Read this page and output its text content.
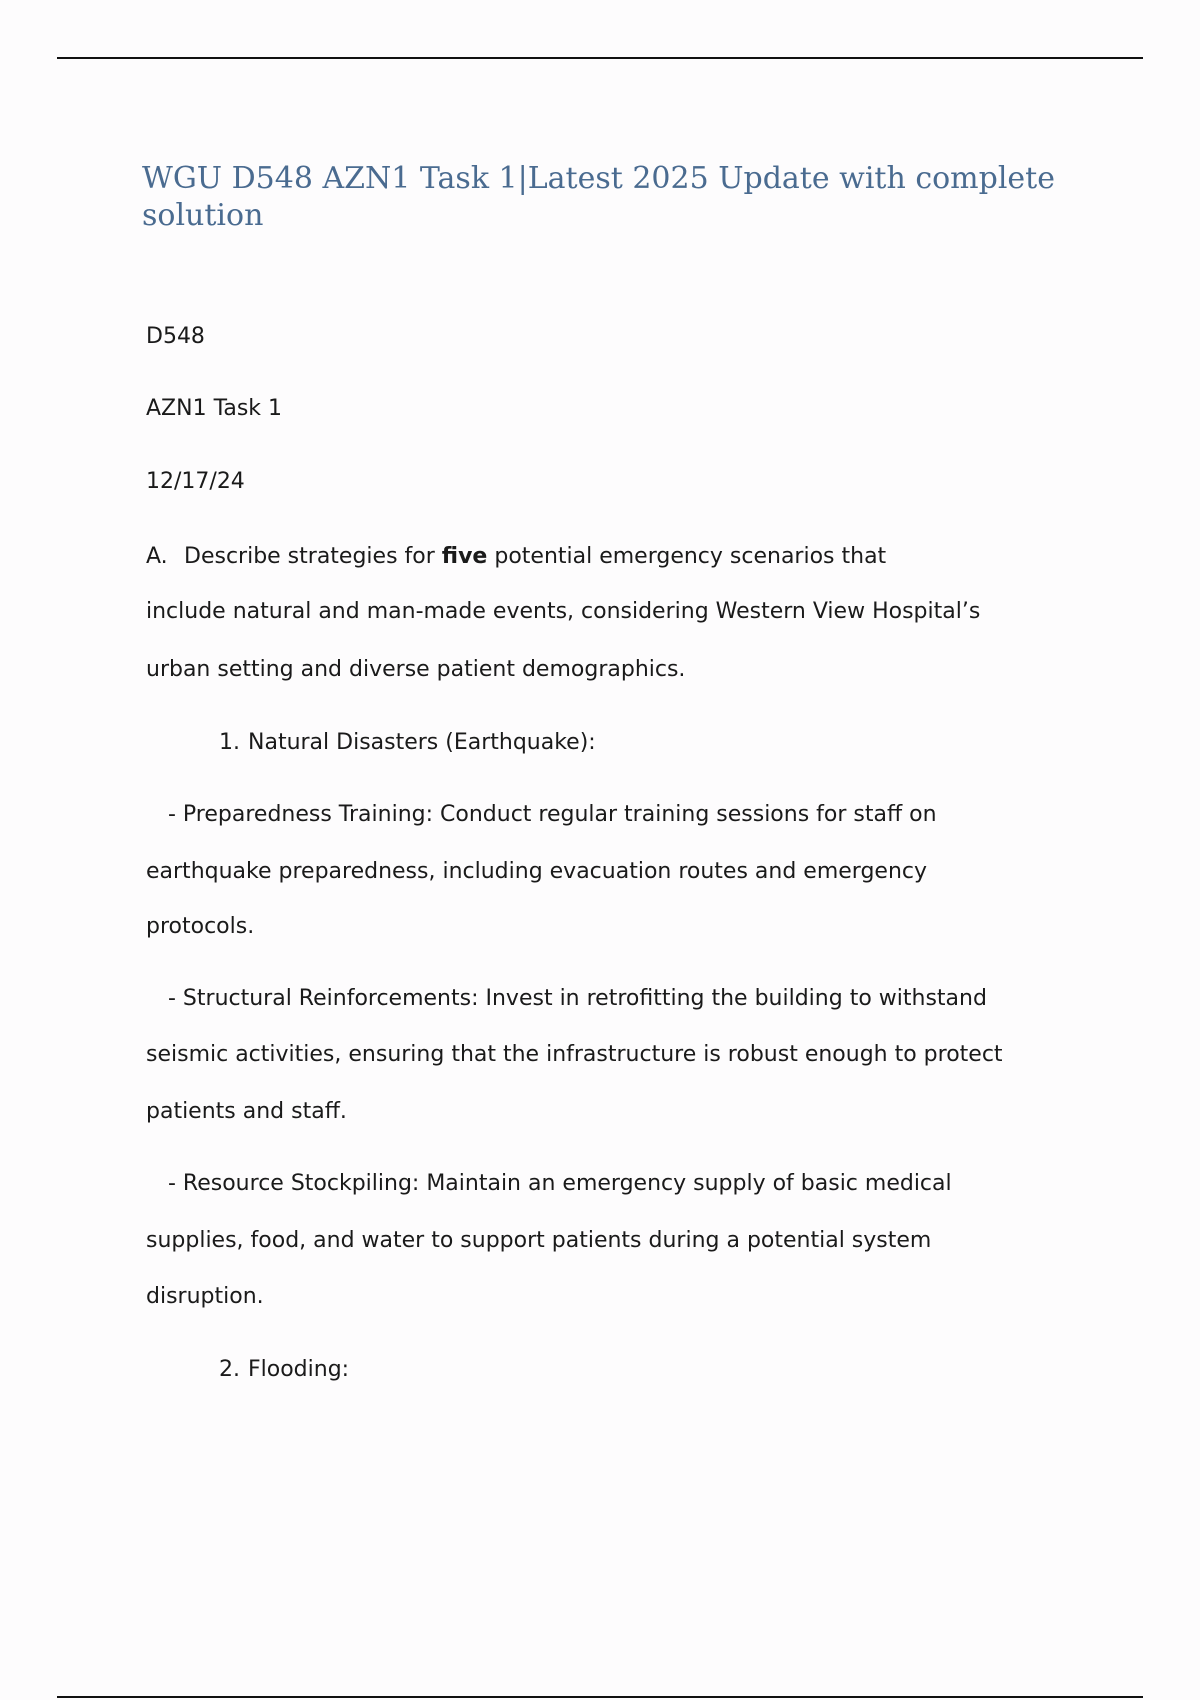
WGU D548 AZN1 Task 1|Latest 2025 Update with complete solution

D548

AZN1 Task 1

12/17/24

A. Describe strategies for five potential emergency scenarios that

include natural and man-made events, considering Western View Hospital’s

urban setting and diverse patient demographics.

1. Natural Disasters (Earthquake):

- Preparedness Training: Conduct regular training sessions for staff on

earthquake preparedness, including evacuation routes and emergency

protocols.

- Structural Reinforcements: Invest in retrofitting the building to withstand

seismic activities, ensuring that the infrastructure is robust enough to protect

patients and staff.

- Resource Stockpiling: Maintain an emergency supply of basic medical

supplies, food, and water to support patients during a potential system

disruption.

2. Flooding:
